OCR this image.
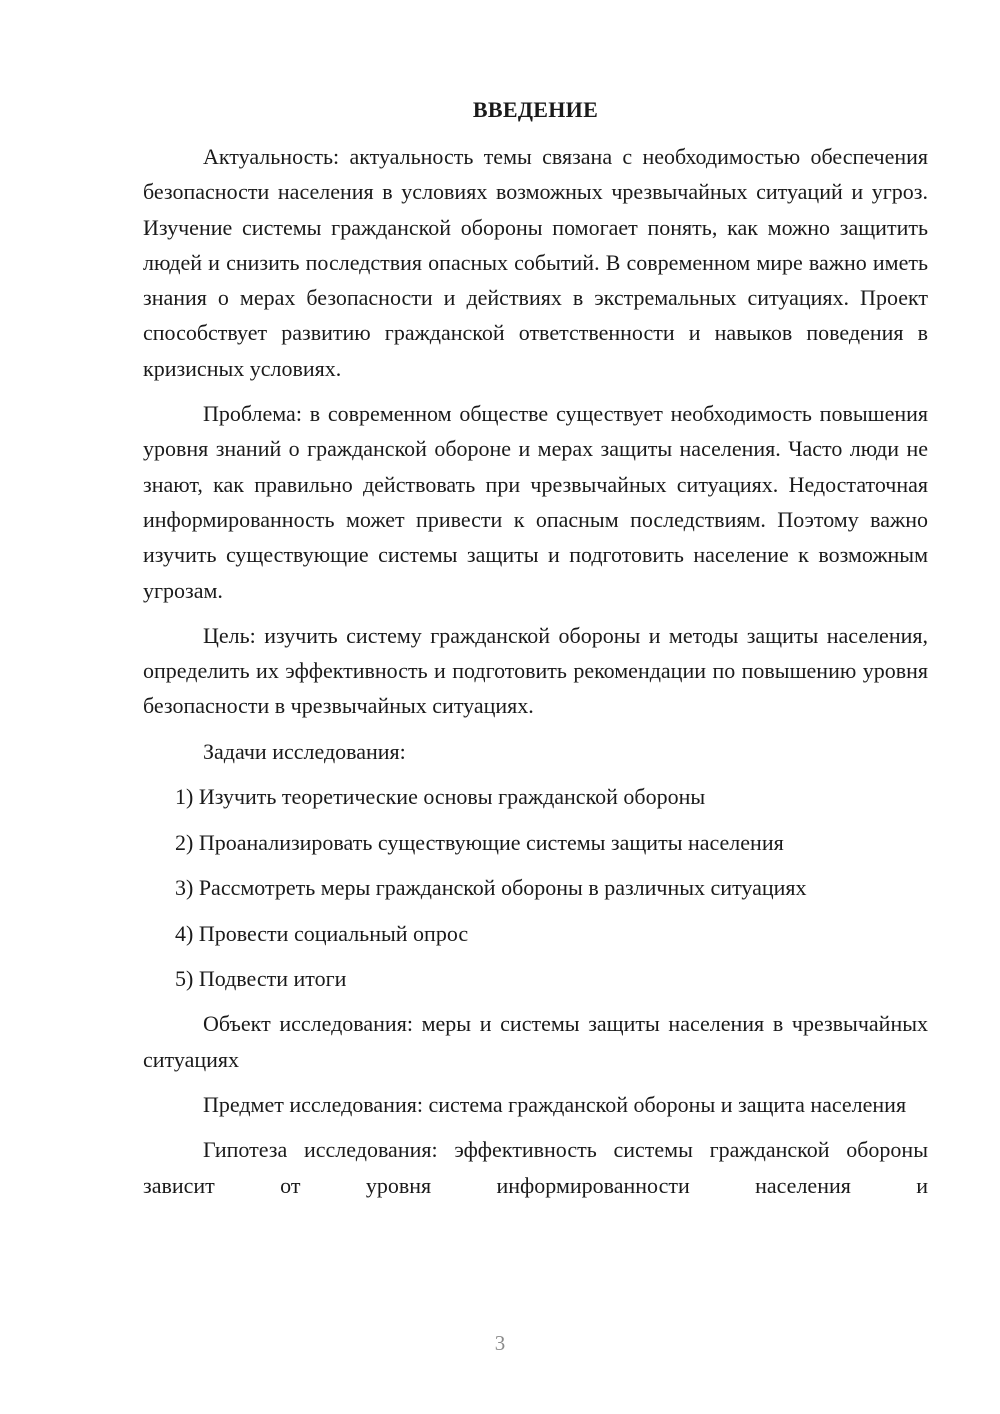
ВВЕДЕНИЕ

Актуальность: актуальность темы связана с необходимостью обеспечения безопасности населения в условиях возможных чрезвычайных ситуаций и угроз. Изучение системы гражданской обороны помогает понять, как можно защитить людей и снизить последствия опасных событий. В современном мире важно иметь знания о мерах безопасности и действиях в экстремальных ситуациях. Проект способствует развитию гражданской ответственности и навыков поведения в кризисных условиях.

Проблема: в современном обществе существует необходимость повышения уровня знаний о гражданской обороне и мерах защиты населения. Часто люди не знают, как правильно действовать при чрезвычайных ситуациях. Недостаточная информированность может привести к опасным последствиям. Поэтому важно изучить существующие системы защиты и подготовить население к возможным угрозам.

Цель: изучить систему гражданской обороны и методы защиты населения, определить их эффективность и подготовить рекомендации по повышению уровня безопасности в чрезвычайных ситуациях.

Задачи исследования:

1) Изучить теоретические основы гражданской обороны
2) Проанализировать существующие системы защиты населения
3) Рассмотреть меры гражданской обороны в различных ситуациях
4) Провести социальный опрос
5) Подвести итоги

Объект исследования: меры и системы защиты населения в чрезвычайных ситуациях

Предмет исследования: система гражданской обороны и защита населения

Гипотеза исследования: эффективность системы гражданской обороны зависит от уровня информированности населения и

3
